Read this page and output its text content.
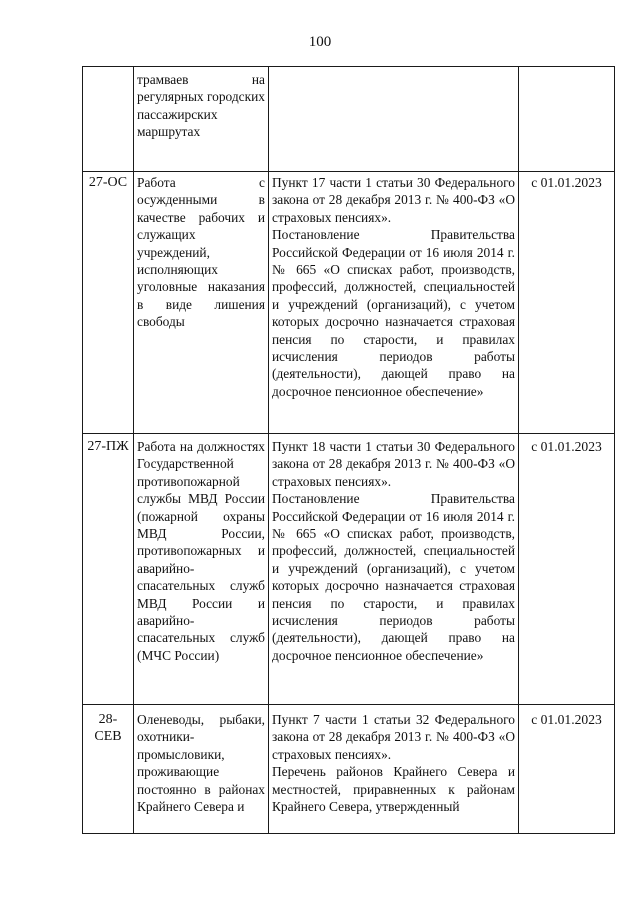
100
	трамваев на регулярных городских пассажирских маршрутах		
27-ОС	Работа с осужденными в качестве рабочих и служащих учреждений, исполняющих уголовные наказания в виде лишения свободы	Пункт 17 части 1 статьи 30 Федерального закона от 28 декабря 2013 г. № 400-ФЗ «О страховых пенсиях».
Постановление Правительства Российской Федерации от 16 июля 2014 г. № 665 «О списках работ, производств, профессий, должностей, специальностей и учреждений (организаций), с учетом которых досрочно назначается страховая пенсия по старости, и правилах исчисления периодов работы (деятельности), дающей право на досрочное пенсионное обеспечение»	с 01.01.2023
27-ПЖ	Работа на должностях Государственной противопожарной службы МВД России (пожарной охраны МВД России, противопожарных и аварийно-спасательных служб МВД России и аварийно-спасательных служб (МЧС России)	Пункт 18 части 1 статьи 30 Федерального закона от 28 декабря 2013 г. № 400-ФЗ «О страховых пенсиях».
Постановление Правительства Российской Федерации от 16 июля 2014 г. № 665 «О списках работ, производств, профессий, должностей, специальностей и учреждений (организаций), с учетом которых досрочно назначается страховая пенсия по старости, и правилах исчисления периодов работы (деятельности), дающей право на досрочное пенсионное обеспечение»	с 01.01.2023
28-СЕВ	Оленеводы, рыбаки, охотники-промысловики, проживающие постоянно в районах Крайнего Севера и	Пункт 7 части 1 статьи 32 Федерального закона от 28 декабря 2013 г. № 400-ФЗ «О страховых пенсиях».
Перечень районов Крайнего Севера и местностей, приравненных к районам Крайнего Севера, утвержденный	с 01.01.2023
